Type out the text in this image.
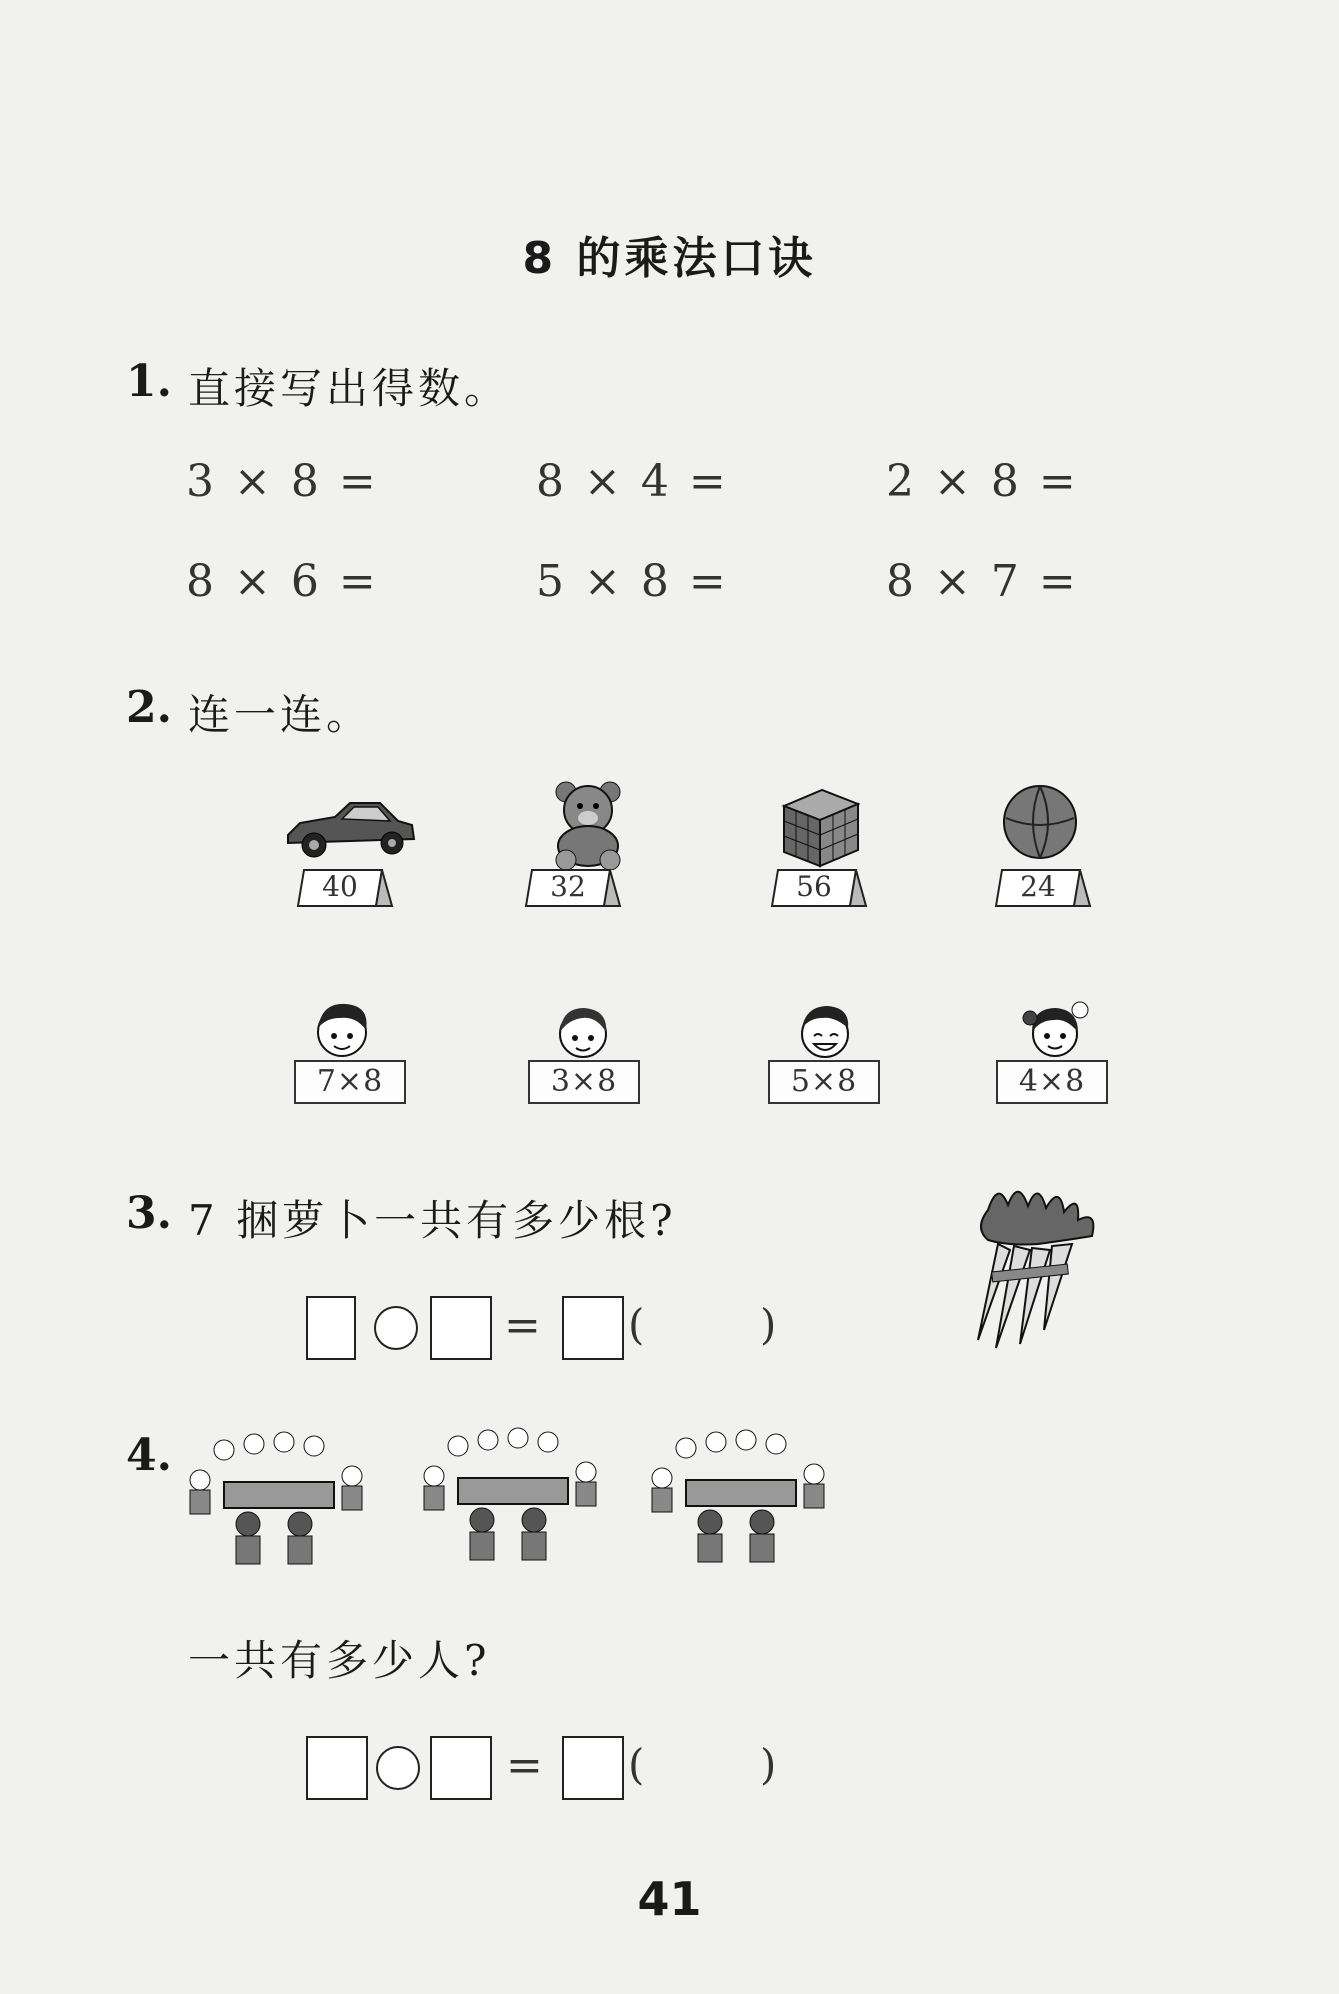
8 的乘法口诀
1. 直接写出得数。
3 × 8 =	8 × 4 =	2 × 8 =
8 × 6 =	5 × 8 =	8 × 7 =
2. 连一连。
40	32	56	24
7×8	3×8	5×8	4×8
3. 7 捆萝卜一共有多少根?
= (	)
4.
一共有多少人?
= (	)
41
